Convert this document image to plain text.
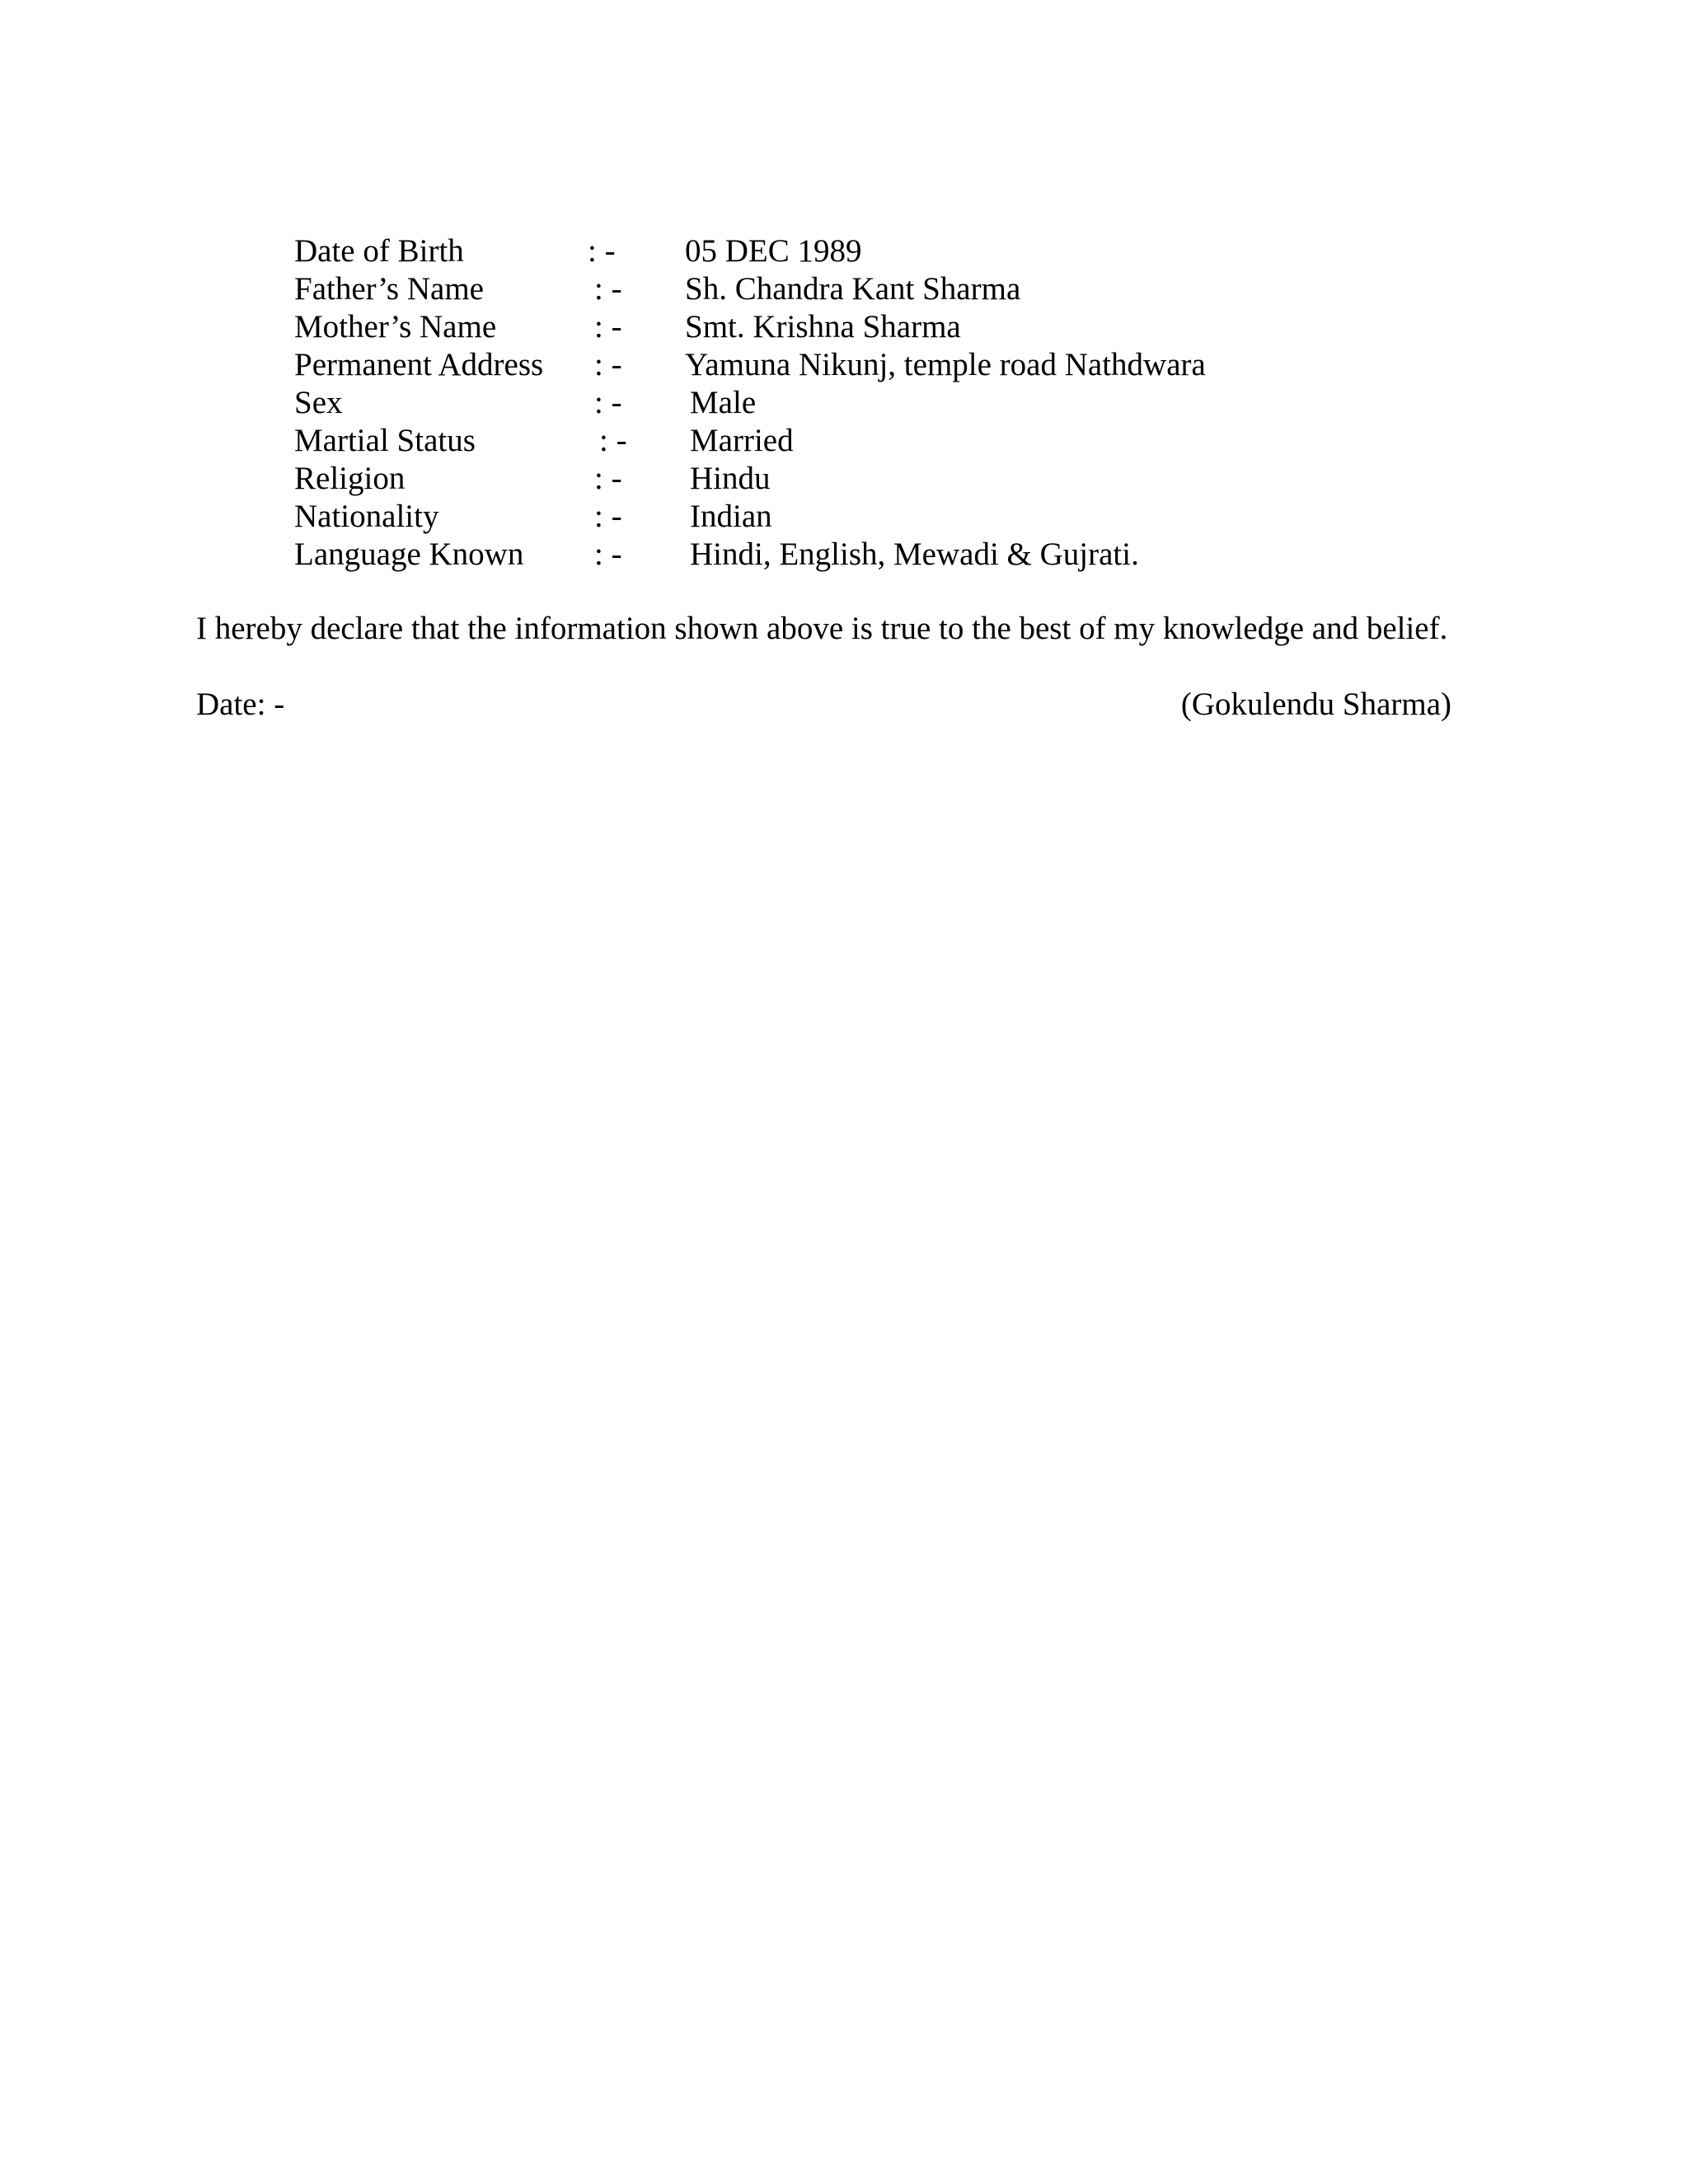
Date of Birth	: - 05 DEC 1989
Father’s Name	: - Sh. Chandra Kant Sharma
Mother’s Name	: - Smt. Krishna Sharma
Permanent Address : - Yamuna Nikunj, temple road Nathdwara
Sex	: - Male
Martial Status	: - Married
Religion	: - Hindu
Nationality	: - Indian
Language Known : - Hindi, English, Mewadi & Gujrati.
I hereby declare that the information shown above is true to the best of my knowledge and belief.
Date: -	(Gokulendu Sharma)
